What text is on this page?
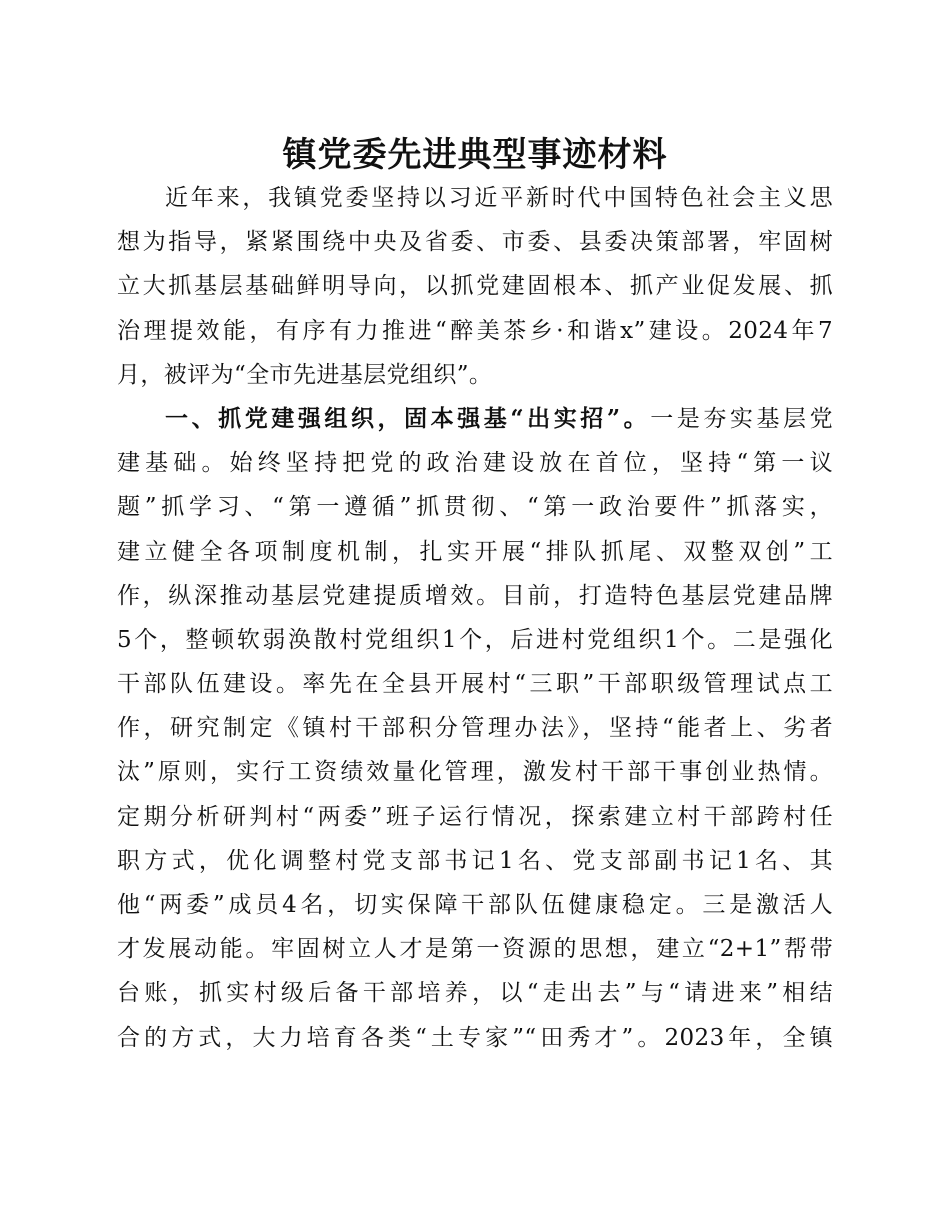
镇党委先进典型事迹材料
近年来，我镇党委坚持以习近平新时代中国特色社会主义思
想为指导，紧紧围绕中央及省委、市委、县委决策部署，牢固树
立大抓基层基础鲜明导向，以抓党建固根本、抓产业促发展、抓
治理提效能，有序有力推进“醉美茶乡·和谐x”建设。2024年7
月，被评为“全市先进基层党组织”。
一、抓党建强组织，固本强基“出实招”。一是夯实基层党
建基础。始终坚持把党的政治建设放在首位，坚持“第一议
题”抓学习、“第一遵循”抓贯彻、“第一政治要件”抓落实，
建立健全各项制度机制，扎实开展“排队抓尾、双整双创”工
作，纵深推动基层党建提质增效。目前，打造特色基层党建品牌
5个，整顿软弱涣散村党组织1个，后进村党组织1个。二是强化
干部队伍建设。率先在全县开展村“三职”干部职级管理试点工
作，研究制定《镇村干部积分管理办法》，坚持“能者上、劣者
汰”原则，实行工资绩效量化管理，激发村干部干事创业热情。
定期分析研判村“两委”班子运行情况，探索建立村干部跨村任
职方式，优化调整村党支部书记1名、党支部副书记1名、其
他“两委”成员4名，切实保障干部队伍健康稳定。三是激活人
才发展动能。牢固树立人才是第一资源的思想，建立“2+1”帮带
台账，抓实村级后备干部培养，以“走出去”与“请进来”相结
合的方式，大力培育各类“土专家”“田秀才”。2023年，全镇
